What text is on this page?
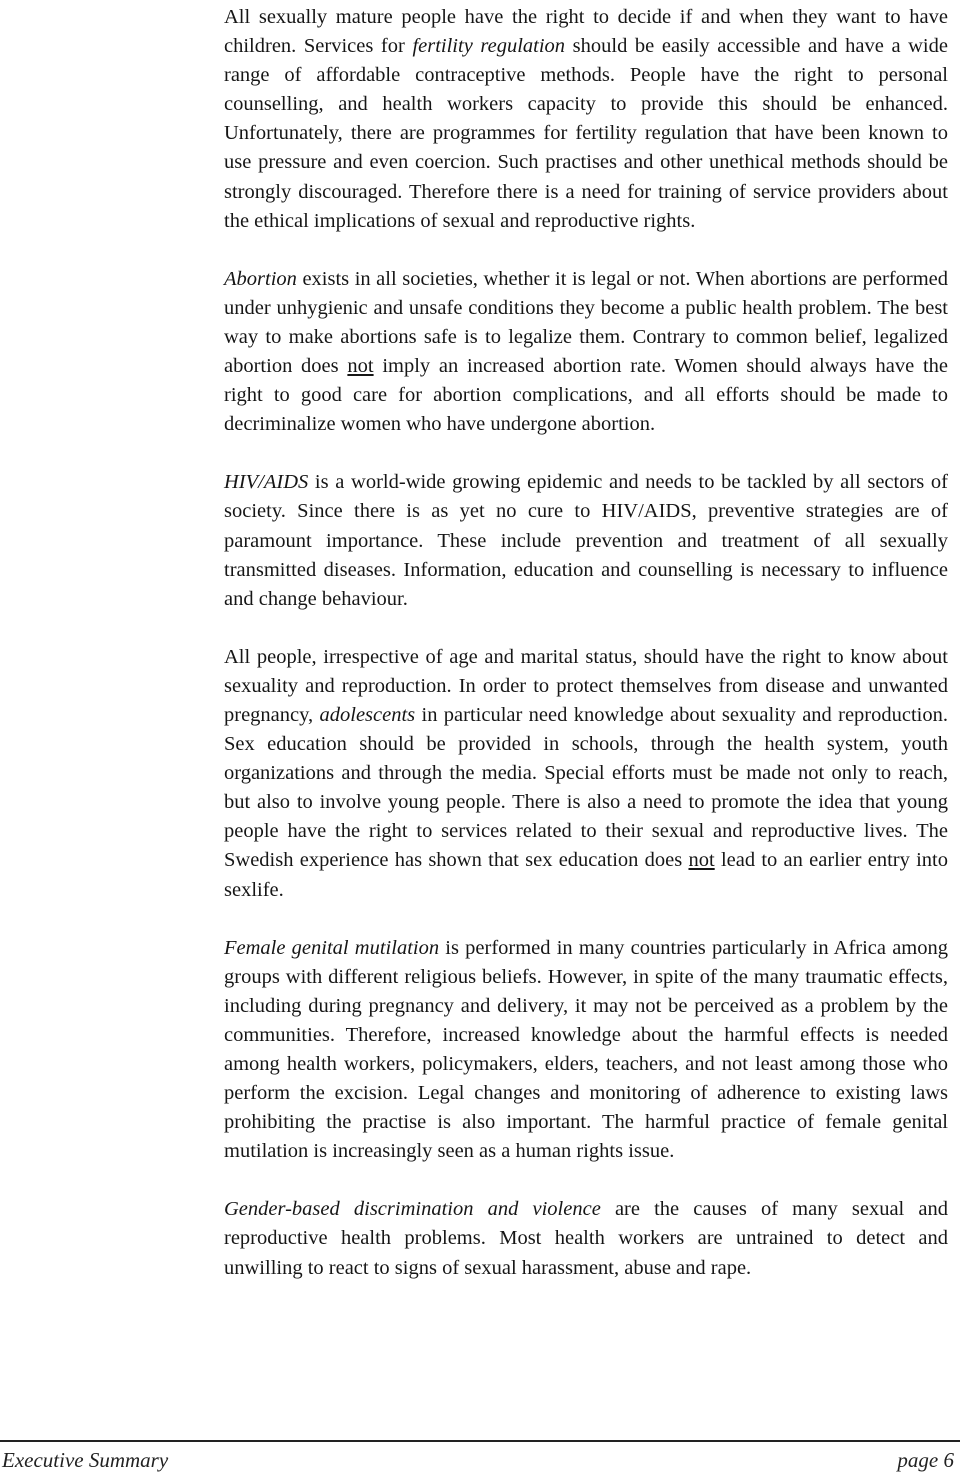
All sexually mature people have the right to decide if and when they want to have children. Services for fertility regulation should be easily accessible and have a wide range of affordable contraceptive methods. People have the right to personal counselling, and health workers capacity to provide this should be enhanced. Unfortunately, there are programmes for fertility regulation that have been known to use pressure and even coercion. Such practises and other unethical methods should be strongly discouraged. Therefore there is a need for training of service providers about the ethical implications of sexual and reproductive rights.

Abortion exists in all societies, whether it is legal or not. When abortions are performed under unhygienic and unsafe conditions they become a public health problem. The best way to make abortions safe is to legalize them. Contrary to common belief, legalized abortion does not imply an increased abortion rate. Women should always have the right to good care for abortion complications, and all efforts should be made to decriminalize women who have undergone abortion.

HIV/AIDS is a world-wide growing epidemic and needs to be tackled by all sectors of society. Since there is as yet no cure to HIV/AIDS, preventive strategies are of paramount importance. These include prevention and treatment of all sexually transmitted diseases. Information, education and counselling is necessary to influence and change behaviour.

All people, irrespective of age and marital status, should have the right to know about sexuality and reproduction. In order to protect themselves from disease and unwanted pregnancy, adolescents in particular need knowledge about sexuality and reproduction. Sex education should be provided in schools, through the health system, youth organizations and through the media. Special efforts must be made not only to reach, but also to involve young people. There is also a need to promote the idea that young people have the right to services related to their sexual and reproductive lives. The Swedish experience has shown that sex education does not lead to an earlier entry into sexlife.

Female genital mutilation is performed in many countries particularly in Africa among groups with different religious beliefs. However, in spite of the many traumatic effects, including during pregnancy and delivery, it may not be perceived as a problem by the communities. Therefore, increased knowledge about the harmful effects is needed among health workers, policymakers, elders, teachers, and not least among those who perform the excision. Legal changes and monitoring of adherence to existing laws prohibiting the practise is also important. The harmful practice of female genital mutilation is increasingly seen as a human rights issue.

Gender-based discrimination and violence are the causes of many sexual and reproductive health problems. Most health workers are untrained to detect and unwilling to react to signs of sexual harassment, abuse and rape.

Executive Summary	page 6
